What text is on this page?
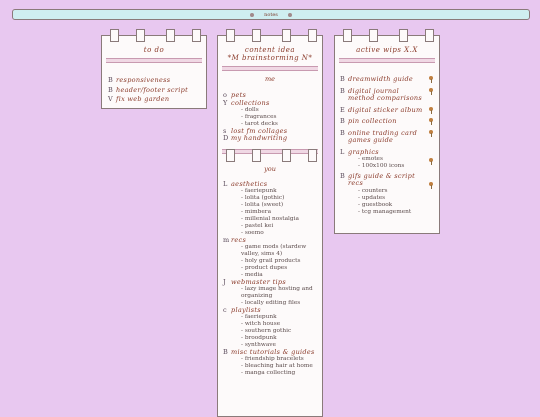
notes
to do
B responsiveness
B header/footer script
V fix web garden
content idea
*M brainstorming N*
me
o pets
Y collections
- dolls
- fragrances
- tarot decks
s lost fm collages
D my handwriting
you
L aesthetics
- faeriepunk
- lolita (gothic)
- lolita (sweet)
- mimbera
- millenial nostalgia
- pastel kei
- soemo
m recs
- game mods (stardew valley, sims 4)
- holy grail products
- product dupes
- media
J webmaster tips
- lazy image hosting and organizing
- locally editing files
c playlists
- faeriepunk
- witch house
- southern gothic
- broodpunk
- synthwave
B misc tutorials & guides
- friendship bracelets
- bleaching hair at home
- manga collecting
active wips X.X
B dreamwidth guide
B digital journal method comparisons
E digital sticker album
B pin collection
B online trading card games guide
L graphics
- emotes
- 100x100 icons
B gifs guide & script recs
- counters
- updates
- guestbook
- tcg management
